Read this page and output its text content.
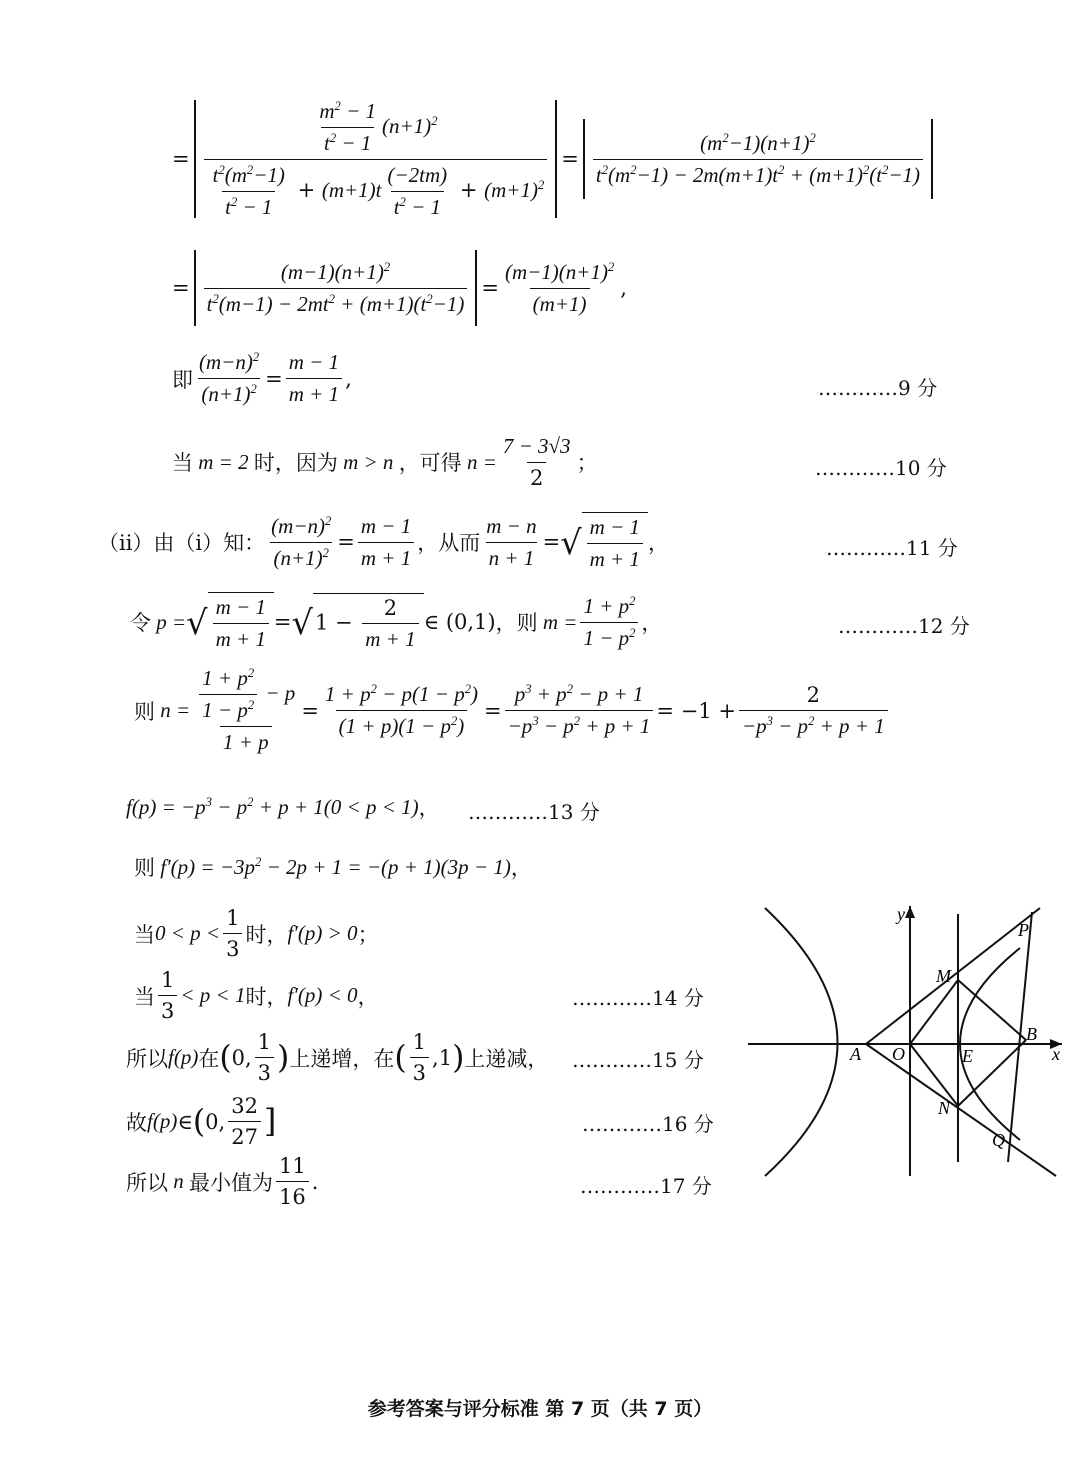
= $\frac{\frac{m^2 - 1}{t^2 - 1} (n+1)^2}{\frac{t^2(m^2-1)}{t^2 - 1} + (m+1)t \frac{(-2tm)}{t^2 - 1} + (m+1)^2} = \frac{(m^2-1)(n+1)^2}{t^2(m^2-1) - 2m(m+1)t^2 + (m+1)^2(t^2-1)}$
= $\frac{(m-1)(n+1)^2}{t^2(m-1) - 2mt^2 + (m+1)(t^2-1)} = \frac{(m-1)(n+1)^2}{(m+1)}$ ,
即 $\frac{(m-n)^2}{(n+1)^2} = \frac{m - 1}{m + 1}$ ,	…………9 分
当 m = 2 时，因为 m > n ，可得 $n = \frac{7 - 3√3}{2}$ ；	…………10 分
（ii）由（i）知： $\frac{(m-n)^2}{(n+1)^2} = \frac{m - 1}{m + 1}$ ，从而 $\frac{m - n}{n + 1}$ = √ $\frac{m - 1}{m + 1}$ ，	…………11 分
令 p = √ $\frac{m - 1}{m + 1}$ = √ $1 - \frac{2}{m + 1}$ ∈ (0,1) ，则 $m = \frac{1 + p^2}{1 - p^2}$ ，	…………12 分
则 $n = \frac{\frac{1 + p^2}{1 - p^2} - p}{1 + p} = \frac{1 + p^2 - p(1 - p^2)}{(1 + p)(1 - p^2)} = \frac{p^3 + p^2 - p + 1}{-p^3 - p^2 + p + 1} = -1 + \frac{2}{-p^3 - p^2 + p + 1}$
$f(p) = -p^3 - p^2 + p + 1(0 < p < 1)$ ， …………13 分
则 $f'(p) = -3p^2 - 2p + 1 = -(p + 1)(3p - 1)$ ，
当 $0 < p < \frac{1}{3}$ 时， f′(p) > 0 ；
当 $\frac{1}{3} < p < 1$ 时， f′(p) < 0 ，	…………14 分
所以 f(p) 在 ( 0, $\frac{1}{3}$ ) 上递增，在 ( $\frac{1}{3} ,1$ ) 上递减， …………15 分
故 f(p) ∈ ( 0, $\frac{32}{27}$ ]	…………16 分
所以 n 最小值为 $\frac{11}{16}$ .	…………17 分
y
x
A O	E
B
M
N
P
Q
参考答案与评分标准 第 7 页（共 7 页）
